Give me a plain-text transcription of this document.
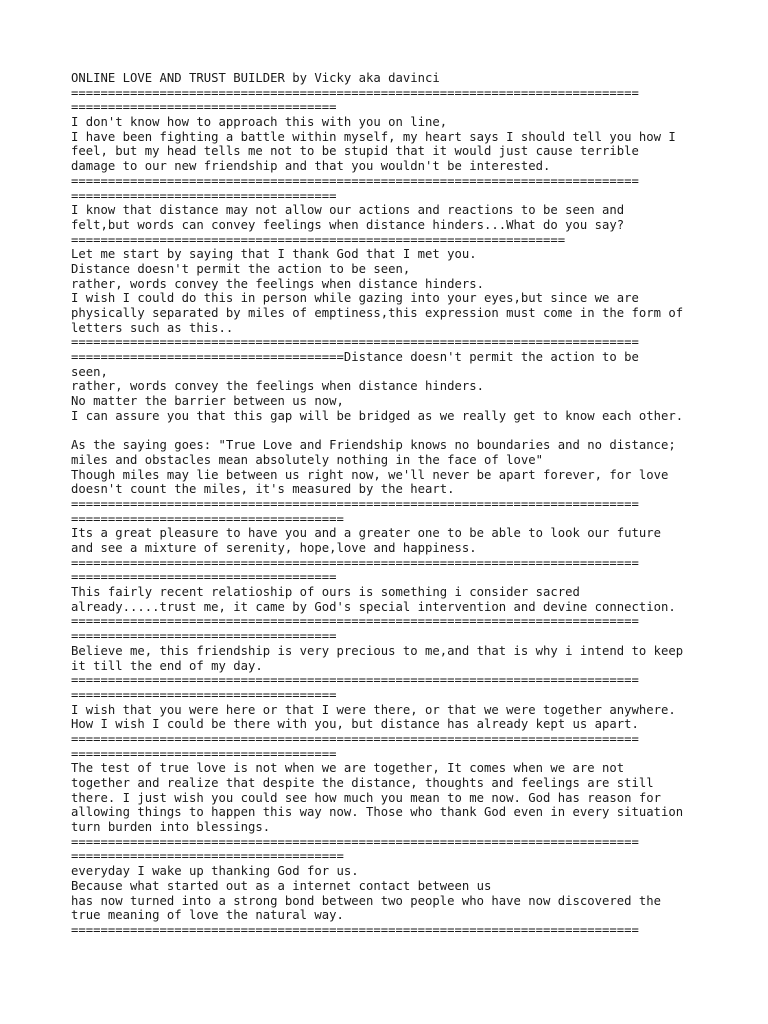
ONLINE LOVE AND TRUST BUILDER by Vicky aka davinci
=============================================================================
====================================
I don't know how to approach this with you on line,
I have been fighting a battle within myself, my heart says I should tell you how I
feel, but my head tells me not to be stupid that it would just cause terrible
damage to our new friendship and that you wouldn't be interested.
=============================================================================
====================================
I know that distance may not allow our actions and reactions to be seen and
felt,but words can convey feelings when distance hinders...What do you say?
===================================================================
Let me start by saying that I thank God that I met you.
Distance doesn't permit the action to be seen,
rather, words convey the feelings when distance hinders.
I wish I could do this in person while gazing into your eyes,but since we are
physically separated by miles of emptiness,this expression must come in the form of
letters such as this..
=============================================================================
=====================================Distance doesn't permit the action to be
seen,
rather, words convey the feelings when distance hinders.
No matter the barrier between us now,
I can assure you that this gap will be bridged as we really get to know each other.
As the saying goes: "True Love and Friendship knows no boundaries and no distance;
miles and obstacles mean absolutely nothing in the face of love"
Though miles may lie between us right now, we'll never be apart forever, for love
doesn't count the miles, it's measured by the heart.
=============================================================================
=====================================
Its a great pleasure to have you and a greater one to be able to look our future
and see a mixture of serenity, hope,love and happiness.
=============================================================================
====================================
This fairly recent relatioship of ours is something i consider sacred
already.....trust me, it came by God's special intervention and devine connection.
=============================================================================
====================================
Believe me, this friendship is very precious to me,and that is why i intend to keep
it till the end of my day.
=============================================================================
====================================
I wish that you were here or that I were there, or that we were together anywhere.
How I wish I could be there with you, but distance has already kept us apart.
=============================================================================
====================================
The test of true love is not when we are together, It comes when we are not
together and realize that despite the distance, thoughts and feelings are still
there. I just wish you could see how much you mean to me now. God has reason for
allowing things to happen this way now. Those who thank God even in every situation
turn burden into blessings.
=============================================================================
=====================================
everyday I wake up thanking God for us.
Because what started out as a internet contact between us
has now turned into a strong bond between two people who have now discovered the
true meaning of love the natural way.
=============================================================================
